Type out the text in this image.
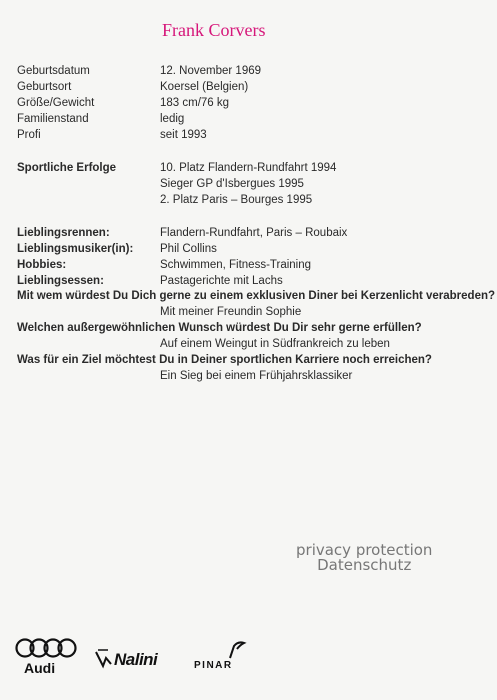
Frank Corvers
Geburtsdatum	12. November 1969
Geburtsort	Koersel (Belgien)
Größe/Gewicht	183 cm/76 kg
Familienstand	ledig
Profi	seit 1993
Sportliche Erfolge	10. Platz Flandern-Rundfahrt 1994
Sieger GP d'Isbergues 1995
2. Platz Paris – Bourges 1995
Lieblingsrennen:	Flandern-Rundfahrt, Paris – Roubaix
Lieblingsmusiker(in): Phil Collins
Hobbies:	Schwimmen, Fitness-Training
Lieblingsessen:	Pastagerichte mit Lachs
Mit wem würdest Du Dich gerne zu einem exklusiven Diner bei Kerzenlicht verabreden?
Mit meiner Freundin Sophie
Welchen außergewöhnlichen Wunsch würdest Du Dir sehr gerne erfüllen?
Auf einem Weingut in Südfrankreich zu leben
Was für ein Ziel möchtest Du in Deiner sportlichen Karriere noch erreichen?
Ein Sieg bei einem Frühjahrsklassiker
privacy protection
Datenschutz
Audi	Nalini	PINAR
